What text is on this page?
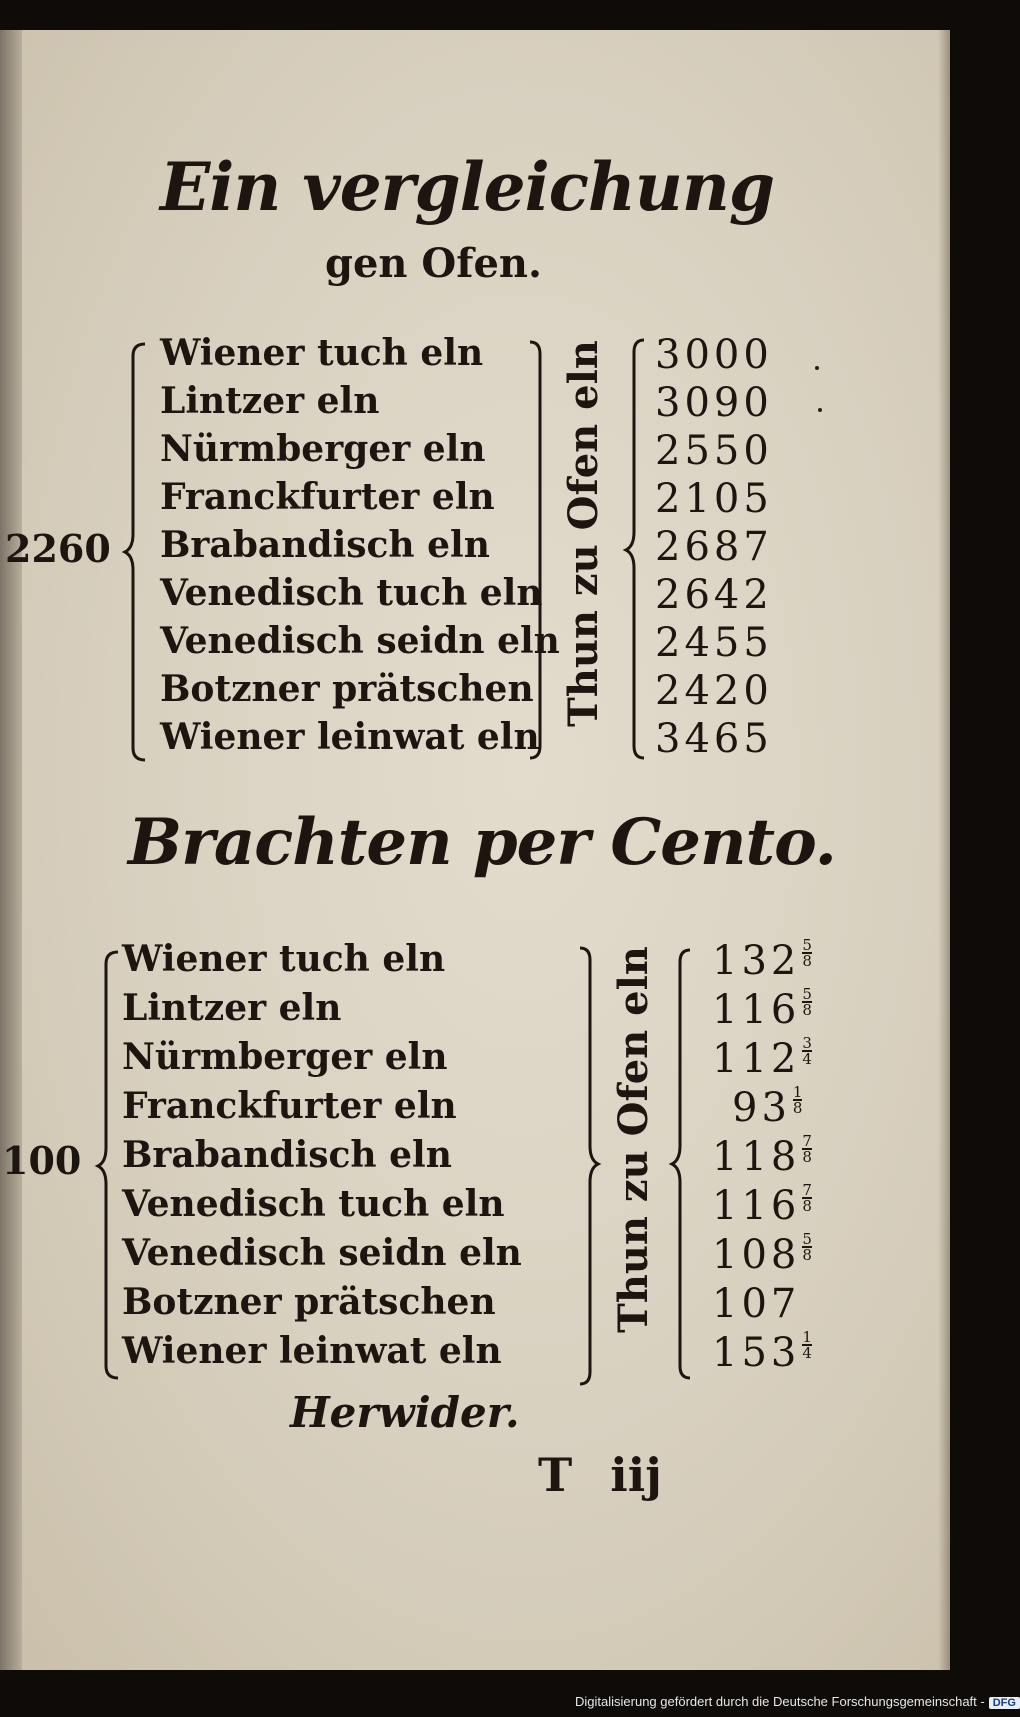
Ein vergleichung
gen Ofen.
2260
Wiener tuch eln
Lintzer eln
Nürmberger eln
Franckfurter eln
Brabandisch eln
Venedisch tuch eln
Venedisch seidn eln
Botzner prätschen
Wiener leinwat eln
Thun zu Ofen eln 3000
3090
2550
2105
2687
2642
2455
2420
3465
Brachten per Cento.
100
Wiener tuch eln
Lintzer eln
Nürmberger eln
Franckfurter eln
Brabandisch eln
Venedisch tuch eln
Venedisch seidn eln
Botzner prätschen
Wiener leinwat eln
Thun zu Ofen eln $132 \frac{5}{8}$
$116 \frac{5}{8}$
$112 \frac{3}{4}$
$93 \frac{1}{8}$
$118 \frac{7}{8}$
$116 \frac{7}{8}$
$108 \frac{5}{8}$
107
$153 \frac{1}{4}$
Herwider.
T iij
Digitalisierung gefördert durch die Deutsche Forschungsgemeinschaft - DFG
